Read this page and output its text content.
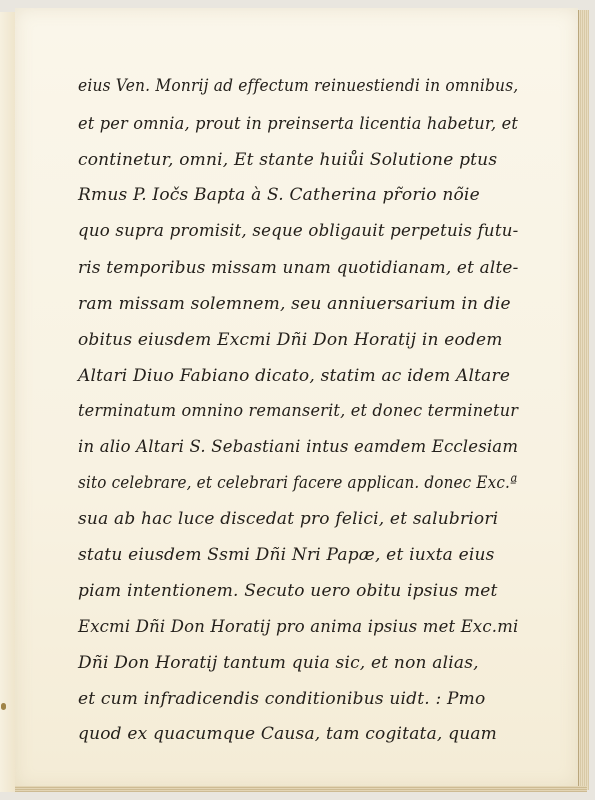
eius Ven. Monrij ad effectum reinuestiendi in omnibus,
et per omnia, prout in preinserta licentia habetur, et
continetur, omni, Et stante huiůi Solutione ptus
Rmus P. Iočs Bapta à S. Catherina pr̃orio nõie
quo supra promisit, seque obligauit perpetuis futu-
ris temporibus missam unam quotidianam, et alte-
ram missam solemnem, seu anniuersarium in die
obitus eiusdem Excmi Dñi Don Horatij in eodem
Altari Diuo Fabiano dicato, statim ac idem Altare
terminatum omnino remanserit, et donec terminetur
in alio Altari S. Sebastiani intus eamdem Ecclesiam
sito celebrare, et celebrari facere applican. donec Exc.ª
sua ab hac luce discedat pro felici, et salubriori
statu eiusdem Ssmi Dñi Nri Papæ, et iuxta eius
piam intentionem. Secuto uero obitu ipsius met
Excmi Dñi Don Horatij pro anima ipsius met Exc.mi
Dñi Don Horatij tantum quia sic, et non alias,
et cum infradicendis conditionibus uidt. : Pmo
quod ex quacumque Causa, tam cogitata, quam
